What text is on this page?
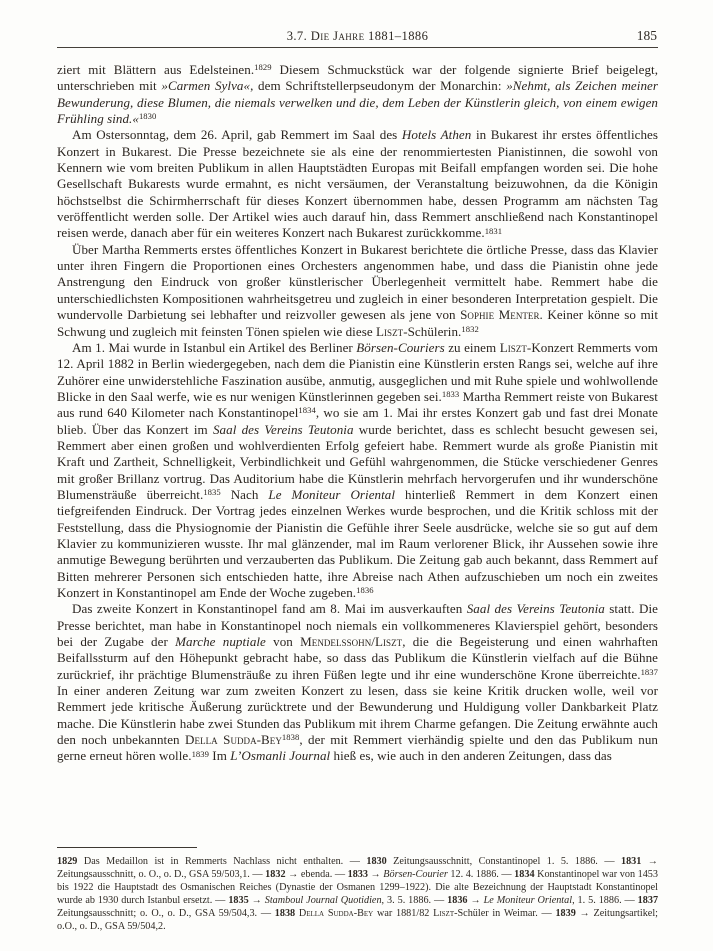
3.7. Die Jahre 1881–1886	185

ziert mit Blättern aus Edelsteinen.$^{1829}$ Diesem Schmuckstück war der folgende signierte Brief beigelegt, unterschrieben mit »Carmen Sylva«, dem Schriftstellerpseudonym der Monarchin: »Nehmt, als Zeichen meiner Bewunderung, diese Blumen, die niemals verwelken und die, dem Leben der Künstlerin gleich, von einem ewigen Frühling sind.«$^{1830}$

Am Ostersonntag, dem 26. April, gab Remmert im Saal des Hotels Athen in Bukarest ihr erstes öffentliches Konzert in Bukarest. Die Presse bezeichnete sie als eine der renommiertesten Pianistinnen, die sowohl von Kennern wie vom breiten Publikum in allen Hauptstädten Europas mit Beifall empfangen worden sei. Die hohe Gesellschaft Bukarests wurde ermahnt, es nicht versäumen, der Veranstaltung beizuwohnen, da die Königin höchstselbst die Schirmherrschaft für dieses Konzert übernommen habe, dessen Programm am nächsten Tag veröffentlicht werden solle. Der Artikel wies auch darauf hin, dass Remmert anschließend nach Konstantinopel reisen werde, danach aber für ein weiteres Konzert nach Bukarest zurückkomme.$^{1831}$

Über Martha Remmerts erstes öffentliches Konzert in Bukarest berichtete die örtliche Presse, dass das Klavier unter ihren Fingern die Proportionen eines Orchesters angenommen habe, und dass die Pianistin ohne jede Anstrengung den Eindruck von großer künstlerischer Überlegenheit vermittelt habe. Remmert habe die unterschiedlichsten Kompositionen wahrheitsgetreu und zugleich in einer besonderen Interpretation gespielt. Die wundervolle Darbietung sei lebhafter und reizvoller gewesen als jene von Sophie Menter. Keiner könne so mit Schwung und zugleich mit feinsten Tönen spielen wie diese Liszt-Schülerin.$^{1832}$

Am 1. Mai wurde in Istanbul ein Artikel des Berliner Börsen-Couriers zu einem Liszt-Konzert Remmerts vom 12. April 1882 in Berlin wiedergegeben, nach dem die Pianistin eine Künstlerin ersten Rangs sei, welche auf ihre Zuhörer eine unwiderstehliche Faszination ausübe, anmutig, ausgeglichen und mit Ruhe spiele und wohlwollende Blicke in den Saal werfe, wie es nur wenigen Künstlerinnen gegeben sei.$^{1833}$ Martha Remmert reiste von Bukarest aus rund 640 Kilometer nach Konstantinopel$^{1834}$, wo sie am 1. Mai ihr erstes Konzert gab und fast drei Monate blieb. Über das Konzert im Saal des Vereins Teutonia wurde berichtet, dass es schlecht besucht gewesen sei, Remmert aber einen großen und wohlverdienten Erfolg gefeiert habe. Remmert wurde als große Pianistin mit Kraft und Zartheit, Schnelligkeit, Verbindlichkeit und Gefühl wahrgenommen, die Stücke verschiedener Genres mit großer Brillanz vortrug. Das Auditorium habe die Künstlerin mehrfach hervorgerufen und ihr wunderschöne Blumensträuße überreicht.$^{1835}$ Nach Le Moniteur Oriental hinterließ Remmert in dem Konzert einen tiefgreifenden Eindruck. Der Vortrag jedes einzelnen Werkes wurde besprochen, und die Kritik schloss mit der Feststellung, dass die Physiognomie der Pianistin die Gefühle ihrer Seele ausdrücke, welche sie so gut auf dem Klavier zu kommunizieren wusste. Ihr mal glänzender, mal im Raum verlorener Blick, ihr Aussehen sowie ihre anmutige Bewegung berührten und verzauberten das Publikum. Die Zeitung gab auch bekannt, dass Remmert auf Bitten mehrerer Personen sich entschieden hatte, ihre Abreise nach Athen aufzuschieben um noch ein zweites Konzert in Konstantinopel am Ende der Woche zugeben.$^{1836}$

Das zweite Konzert in Konstantinopel fand am 8. Mai im ausverkauften Saal des Vereins Teutonia statt. Die Presse berichtet, man habe in Konstantinopel noch niemals ein vollkommeneres Klavierspiel gehört, besonders bei der Zugabe der Marche nuptiale von Mendelssohn/Liszt, die die Begeisterung und einen wahrhaften Beifallssturm auf den Höhepunkt gebracht habe, so dass das Publikum die Künstlerin vielfach auf die Bühne zurückrief, ihr prächtige Blumensträuße zu ihren Füßen legte und ihr eine wunderschöne Krone überreichte.$^{1837}$ In einer anderen Zeitung war zum zweiten Konzert zu lesen, dass sie keine Kritik drucken wolle, weil vor Remmert jede kritische Äußerung zurücktrete und der Bewunderung und Huldigung voller Dankbarkeit Platz mache. Die Künstlerin habe zwei Stunden das Publikum mit ihrem Charme gefangen. Die Zeitung erwähnte auch den noch unbekannten Della Sudda-Bey$^{1838}$, der mit Remmert vierhändig spielte und den das Publikum nun gerne erneut hören wolle.$^{1839}$ Im L’Osmanli Journal hieß es, wie auch in den anderen Zeitungen, dass das

1829 Das Medaillon ist in Remmerts Nachlass nicht enthalten. — 1830 Zeitungsausschnitt, Constantinopel 1. 5. 1886. — 1831 → Zeitungsausschnitt, o. O., o. D., GSA 59/503,1. — 1832 → ebenda. — 1833 → Börsen-Courier 12. 4. 1886. — 1834 Konstantinopel war von 1453 bis 1922 die Hauptstadt des Osmanischen Reiches (Dynastie der Osmanen 1299–1922). Die alte Bezeichnung der Hauptstadt Konstantinopel wurde ab 1930 durch Istanbul ersetzt. — 1835 → Stamboul Journal Quotidien, 3. 5. 1886. — 1836 → Le Moniteur Oriental, 1. 5. 1886. — 1837 Zeitungsausschnitt; o. O., o. D., GSA 59/504,3. — 1838 Della Sudda-Bey war 1881/82 Liszt-Schüler in Weimar. — 1839 → Zeitungsartikel; o.O., o. D., GSA 59/504,2.
